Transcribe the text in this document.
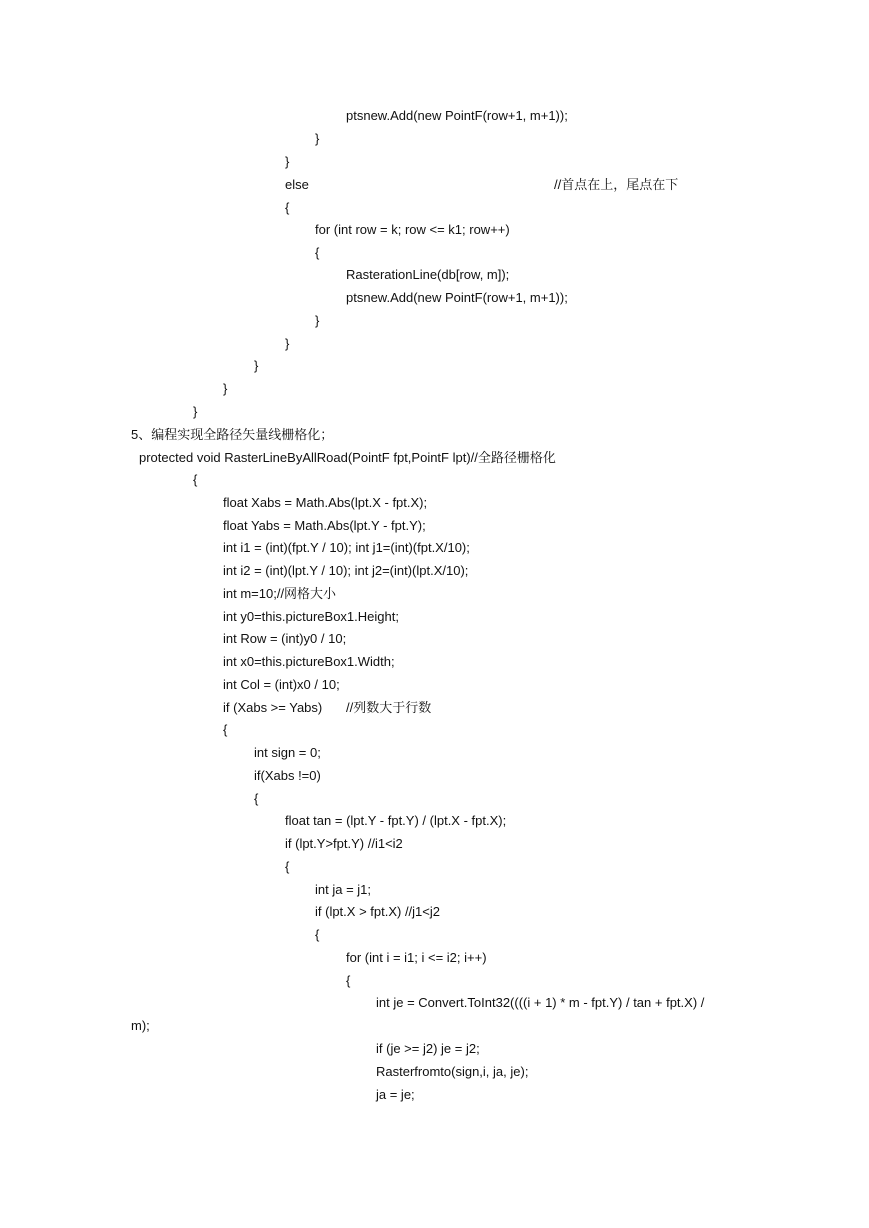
ptsnew.Add(new PointF(row+1, m+1));
}
}
else	//首点在上，尾点在下
{
for (int row = k; row <= k1; row++)
{
RasterationLine(db[row, m]);
ptsnew.Add(new PointF(row+1, m+1));
}
}
}
}
}
5、编程实现全路径矢量线栅格化；
protected void RasterLineByAllRoad(PointF fpt,PointF lpt)//全路径栅格化
{
float Xabs = Math.Abs(lpt.X - fpt.X);
float Yabs = Math.Abs(lpt.Y - fpt.Y);
int i1 = (int)(fpt.Y / 10); int j1=(int)(fpt.X/10);
int i2 = (int)(lpt.Y / 10); int j2=(int)(lpt.X/10);
int m=10;//网格大小
int y0=this.pictureBox1.Height;
int Row = (int)y0 / 10;
int x0=this.pictureBox1.Width;
int Col = (int)x0 / 10;
if (Xabs >= Yabs) //列数大于行数
{
int sign = 0;
if(Xabs !=0)
{
float tan = (lpt.Y - fpt.Y) / (lpt.X - fpt.X);
if (lpt.Y>fpt.Y) //i1<i2
{
int ja = j1;
if (lpt.X > fpt.X) //j1<j2
{
for (int i = i1; i <= i2; i++)
{
int je = Convert.ToInt32((((i + 1) * m - fpt.Y) / tan + fpt.X) /
m);
if (je >= j2) je = j2;
Rasterfromto(sign,i, ja, je);
ja = je;
